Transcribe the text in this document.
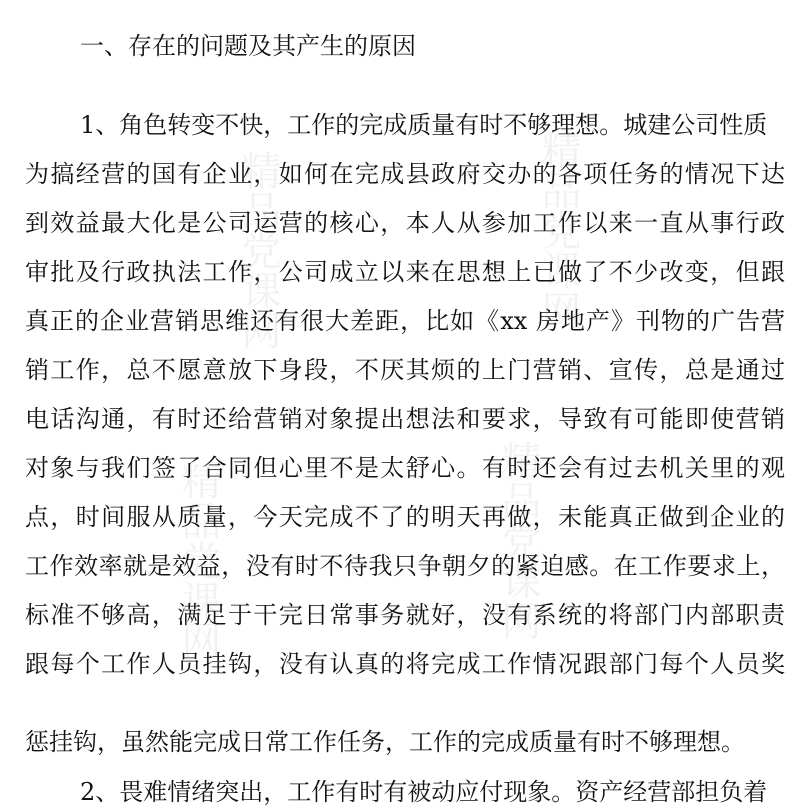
精品党课网	精品党课网
精品党课网	精品党课网
一、存在的问题及其产生的原因
1、角色转变不快，工作的完成质量有时不够理想。城建公司性质
为搞经营的国有企业，如何在完成县政府交办的各项任务的情况下达
到效益最大化是公司运营的核心，本人从参加工作以来一直从事行政
审批及行政执法工作，公司成立以来在思想上已做了不少改变，但跟
真正的企业营销思维还有很大差距，比如《xx 房地产》刊物的广告营
销工作，总不愿意放下身段，不厌其烦的上门营销、宣传，总是通过
电话沟通，有时还给营销对象提出想法和要求，导致有可能即使营销
对象与我们签了合同但心里不是太舒心。有时还会有过去机关里的观
点，时间服从质量，今天完成不了的明天再做，未能真正做到企业的
工作效率就是效益，没有时不待我只争朝夕的紧迫感。在工作要求上，
标准不够高，满足于干完日常事务就好，没有系统的将部门内部职责
跟每个工作人员挂钩，没有认真的将完成工作情况跟部门每个人员奖
惩挂钩，虽然能完成日常工作任务，工作的完成质量有时不够理想。
2、畏难情绪突出，工作有时有被动应付现象。资产经营部担负着
